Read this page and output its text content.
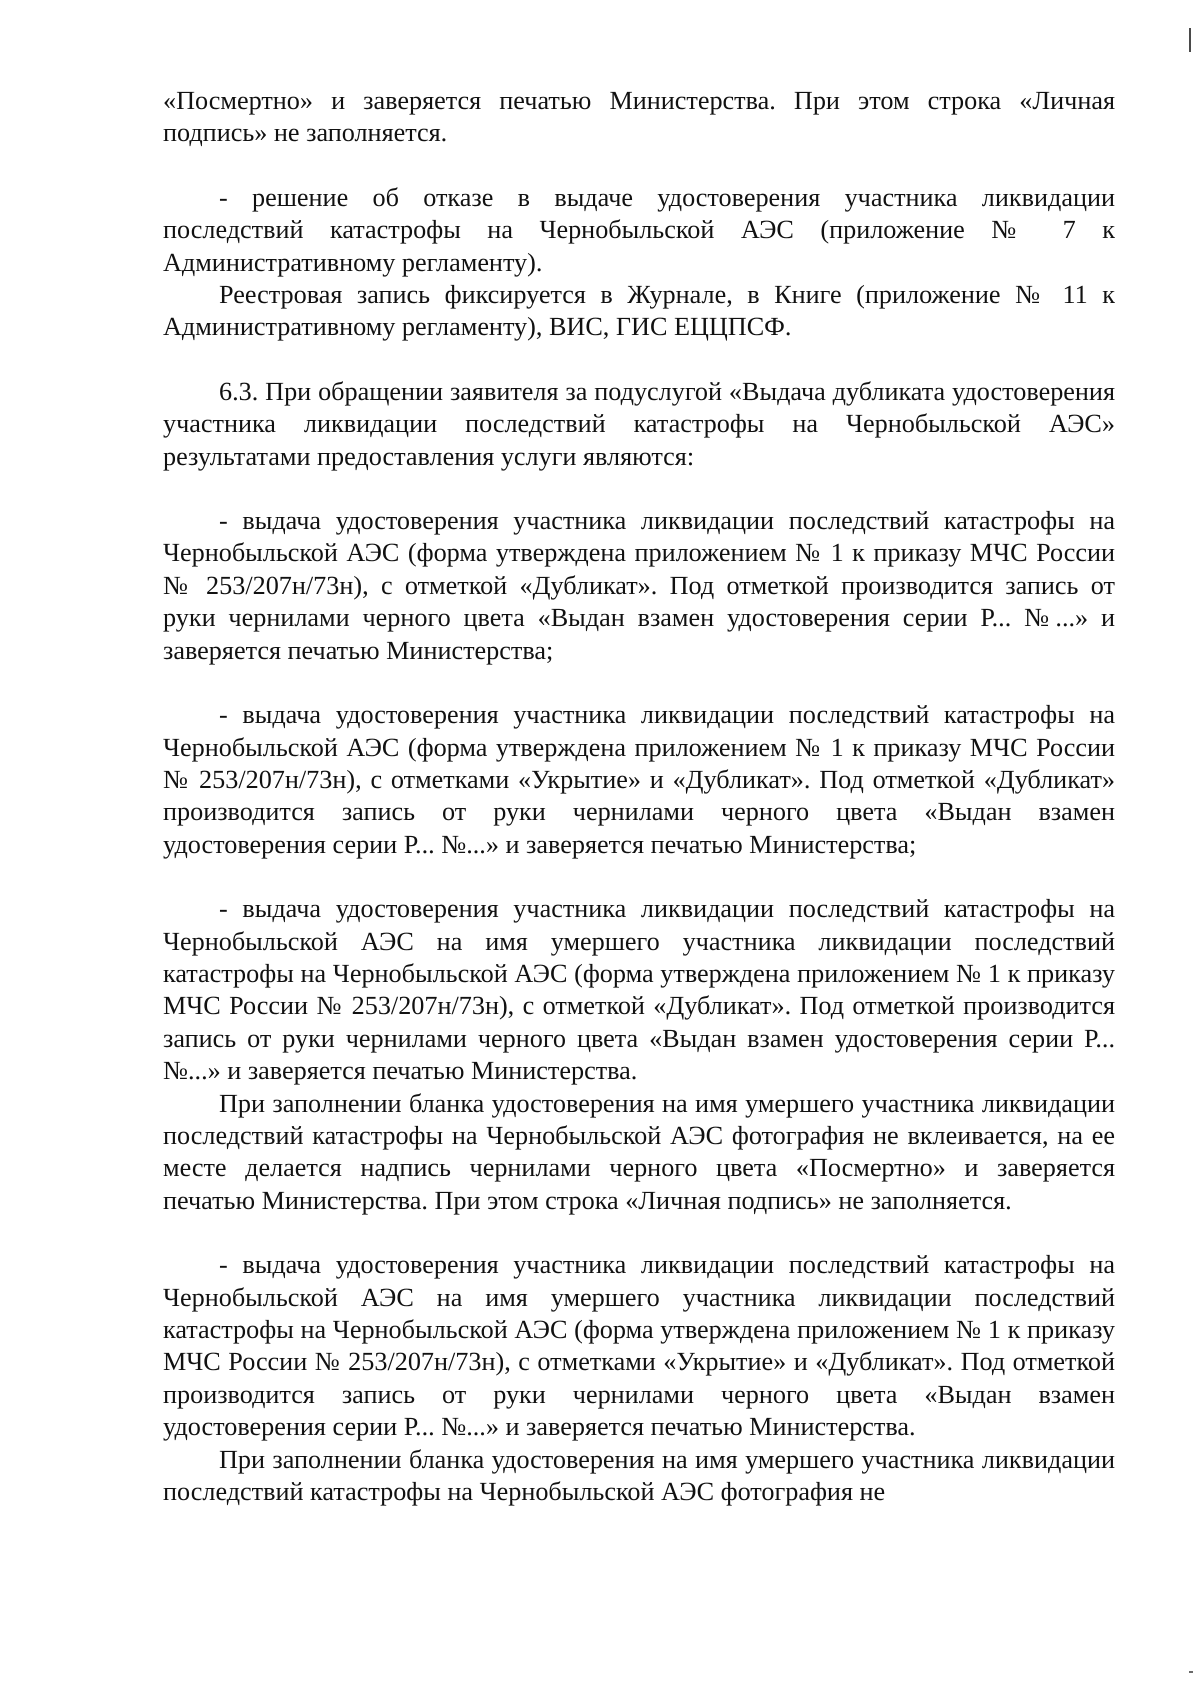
«Посмертно» и заверяется печатью Министерства. При этом строка «Личная подпись» не заполняется.

- решение об отказе в выдаче удостоверения участника ликвидации последствий катастрофы на Чернобыльской АЭС (приложение № 7 к Административному регламенту).

Реестровая запись фиксируется в Журнале, в Книге (приложение № 11 к Административному регламенту), ВИС, ГИС ЕЦЦПСФ.

6.3. При обращении заявителя за подуслугой «Выдача дубликата удостоверения участника ликвидации последствий катастрофы на Чернобыльской АЭС» результатами предоставления услуги являются:

- выдача удостоверения участника ликвидации последствий катастрофы на Чернобыльской АЭС (форма утверждена приложением № 1 к приказу МЧС России № 253/207н/73н), с отметкой «Дубликат». Под отметкой производится запись от руки чернилами черного цвета «Выдан взамен удостоверения серии Р... №...» и заверяется печатью Министерства;

- выдача удостоверения участника ликвидации последствий катастрофы на Чернобыльской АЭС (форма утверждена приложением № 1 к приказу МЧС России № 253/207н/73н), с отметками «Укрытие» и «Дубликат». Под отметкой «Дубликат» производится запись от руки чернилами черного цвета «Выдан взамен удостоверения серии Р... №...» и заверяется печатью Министерства;

- выдача удостоверения участника ликвидации последствий катастрофы на Чернобыльской АЭС на имя умершего участника ликвидации последствий катастрофы на Чернобыльской АЭС (форма утверждена приложением № 1 к приказу МЧС России № 253/207н/73н), с отметкой «Дубликат». Под отметкой производится запись от руки чернилами черного цвета «Выдан взамен удостоверения серии Р... №...» и заверяется печатью Министерства.

При заполнении бланка удостоверения на имя умершего участника ликвидации последствий катастрофы на Чернобыльской АЭС фотография не вклеивается, на ее месте делается надпись чернилами черного цвета «Посмертно» и заверяется печатью Министерства. При этом строка «Личная подпись» не заполняется.

- выдача удостоверения участника ликвидации последствий катастрофы на Чернобыльской АЭС на имя умершего участника ликвидации последствий катастрофы на Чернобыльской АЭС (форма утверждена приложением № 1 к приказу МЧС России № 253/207н/73н), с отметками «Укрытие» и «Дубликат». Под отметкой производится запись от руки чернилами черного цвета «Выдан взамен удостоверения серии Р... №...» и заверяется печатью Министерства.

При заполнении бланка удостоверения на имя умершего участника ликвидации последствий катастрофы на Чернобыльской АЭС фотография не
